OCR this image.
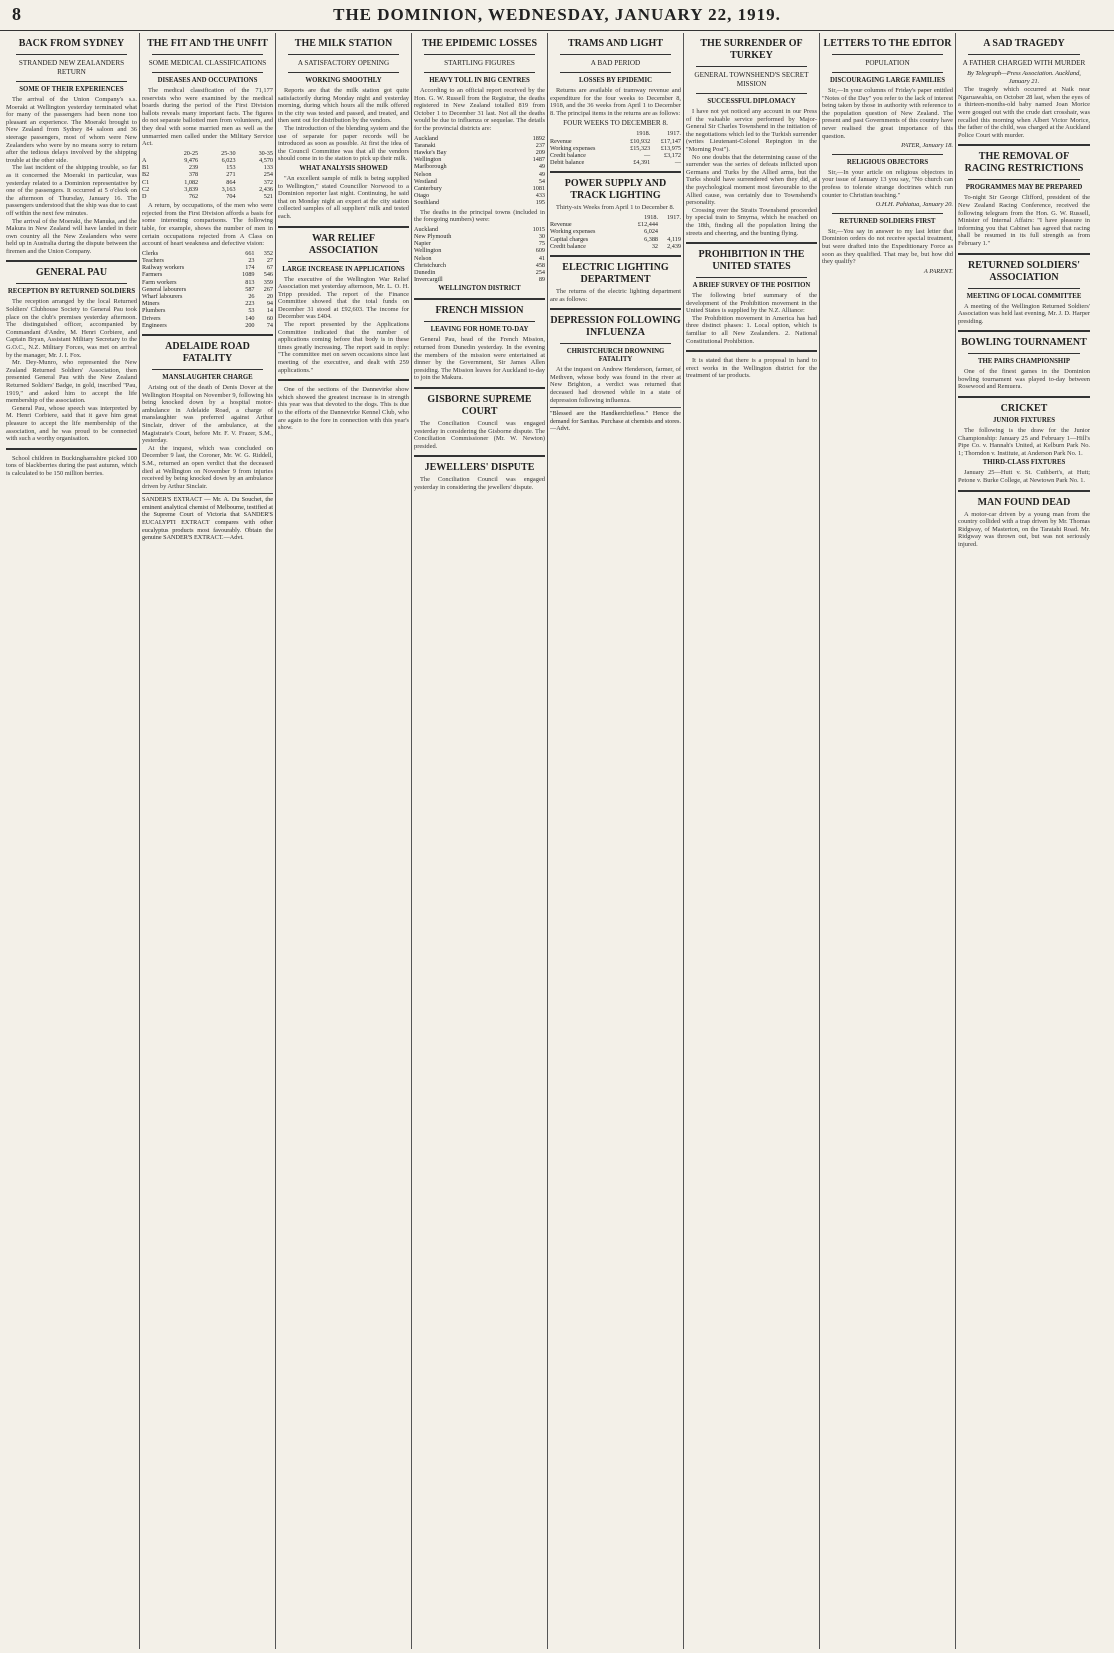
8	THE DOMINION, WEDNESDAY, JANUARY 22, 1919.
BACK FROM SYDNEY
STRANDED NEW ZEALANDERS RETURN
SOME OF THEIR EXPERIENCES

The arrival of the Union Company's s.s. Moeraki at Wellington yesterday terminated what for many of the passengers had been none too pleasant an experience. The Moeraki brought to New Zealand from Sydney 84 saloon and 36 steerage passengers, most of whom were New Zealanders who were by no means sorry to return after the tedious delays involved by the shipping trouble at the other side.

The last incident of the shipping trouble, so far as it concerned the Moeraki in particular, was yesterday related to a Dominion representative by one of the passengers. It occurred at 5 o'clock on the afternoon of Thursday, January 16. The passengers understood that the ship was due to cast off within the next few minutes.

The arrival of the Moeraki, the Manuka, and the Makura in New Zealand will have landed in their own country all the New Zealanders who were held up in Australia during the dispute between the firemen and the Union Company.

GENERAL PAU
RECEPTION BY RETURNED SOLDIERS

The reception arranged by the local Returned Soldiers' Clubhouse Society to General Pau took place on the club's premises yesterday afternoon. The distinguished officer, accompanied by Commandant d'Andre, M. Henri Corbiere, and Captain Bryan, Assistant Military Secretary to the G.O.C., N.Z. Military Forces, was met on arrival by the manager, Mr. J. I. Fox.

Mr. Dey-Munro, who represented the New Zealand Returned Soldiers' Association, then presented General Pau with the New Zealand Returned Soldiers' Badge, in gold, inscribed "Pau, 1919," and asked him to accept the life membership of the association.

General Pau, whose speech was interpreted by M. Henri Corbiere, said that it gave him great pleasure to accept the life membership of the association, and he was proud to be connected with such a worthy organisation.

School children in Buckinghamshire picked 100 tons of blackberries during the past autumn, which is calculated to be 150 million berries.

THE FIT AND THE UNFIT
SOME MEDICAL CLASSIFICATIONS
DISEASES AND OCCUPATIONS

The medical classification of the 71,177 reservists who were examined by the medical boards during the period of the First Division ballots reveals many important facts. The figures do not separate ballotted men from volunteers, and they deal with some married men as well as the unmarried men called under the Military Service Act.

	20-25	25-30	30-35
A	9,476	6,023	4,570
B1	239	153	133
B2	378	271	254
C1	1,082	864	372
C2	3,839	3,163	2,436
D	762	704	521

A return, by occupations, of the men who were rejected from the First Division affords a basis for some interesting comparisons. The following table, for example, shows the number of men in certain occupations rejected from A Class on account of heart weakness and defective vision:

Clerks	661	352
Teachers	23	27
Railway workers	174	67
Farmers	1089	546
Farm workers	813	359
General labourers	587	267
Wharf labourers	26	20
Miners	223	94
Plumbers	53	14
Drivers	140	60
Engineers	200	74
ADELAIDE ROAD FATALITY
MANSLAUGHTER CHARGE

Arising out of the death of Denis Dover at the Wellington Hospital on November 9, following his being knocked down by a hospital motor-ambulance in Adelaide Road, a charge of manslaughter was preferred against Arthur Sinclair, driver of the ambulance, at the Magistrate's Court, before Mr. F. V. Frazer, S.M., yesterday.

At the inquest, which was concluded on December 9 last, the Coroner, Mr. W. G. Riddell, S.M., returned an open verdict that the deceased died at Wellington on November 9 from injuries received by being knocked down by an ambulance driven by Arthur Sinclair.

SANDER'S EXTRACT — Mr. A. Du Souchet, the eminent analytical chemist of Melbourne, testified at the Supreme Court of Victoria that SANDER'S EUCALYPTI EXTRACT compares with other eucalyptus products most favourably. Obtain the genuine SANDER'S EXTRACT.—Advt.
THE MILK STATION
A SATISFACTORY OPENING
WORKING SMOOTHLY

Reports are that the milk station got quite satisfactorily during Monday night and yesterday morning, during which hours all the milk offered in the city was tested and passed, and treated, and then sent out for distribution by the vendors.

The introduction of the blending system and the use of separate for paper records will be introduced as soon as possible. At first the idea of the Council Committee was that all the vendors should come in to the station to pick up their milk.

WHAT ANALYSIS SHOWED

"An excellent sample of milk is being supplied to Wellington," stated Councillor Norwood to a Dominion reporter last night. Continuing, he said that on Monday night an expert at the city station collected samples of all suppliers' milk and tested each.

WAR RELIEF ASSOCIATION
LARGE INCREASE IN APPLICATIONS

The executive of the Wellington War Relief Association met yesterday afternoon, Mr. L. O. H. Tripp presided. The report of the Finance Committee showed that the total funds on December 31 stood at £92,603. The income for December was £404.

The report presented by the Applications Committee indicated that the number of applications coming before that body is in these times greatly increasing. The report said in reply: "The committee met on seven occasions since last meeting of the executive, and dealt with 259 applications."

One of the sections of the Dannevirke show which showed the greatest increase is in strength this year was that devoted to the dogs. This is due to the efforts of the Dannevirke Kennel Club, who are again to the fore in connection with this year's show.

THE EPIDEMIC LOSSES
STARTLING FIGURES
HEAVY TOLL IN BIG CENTRES

According to an official report received by the Hon. G. W. Russell from the Registrar, the deaths registered in New Zealand totalled 819 from October 1 to December 31 last. Not all the deaths would be due to influenza or sequelae. The details for the provincial districts are:

Auckland	1892
Taranaki	237
Hawke's Bay	209
Wellington	1487
Marlborough	49
Nelson	49
Westland	54
Canterbury	1081
Otago	433
Southland	195

The deaths in the principal towns (included in the foregoing numbers) were:

Auckland	1015
New Plymouth	30
Napier	75
Wellington	609
Nelson	41
Christchurch	458
Dunedin	254
Invercargill	89
WELLINGTON DISTRICT
FRENCH MISSION
LEAVING FOR HOME TO-DAY

General Pau, head of the French Mission, returned from Dunedin yesterday. In the evening the members of the mission were entertained at dinner by the Government, Sir James Allen presiding. The Mission leaves for Auckland to-day to join the Makura.

GISBORNE SUPREME COURT

The Conciliation Council was engaged yesterday in considering the Gisborne dispute. The Conciliation Commissioner (Mr. W. Newton) presided.

JEWELLERS' DISPUTE

The Conciliation Council was engaged yesterday in considering the jewellers' dispute.

TRAMS AND LIGHT
A BAD PERIOD
LOSSES BY EPIDEMIC

Returns are available of tramway revenue and expenditure for the four weeks to December 8, 1918, and the 36 weeks from April 1 to December 8. The principal items in the returns are as follows:

FOUR WEEKS TO DECEMBER 8.
	1918.	1917.
Revenue	£10,932	£17,147
Working expenses	£15,323	£13,975
Credit balance	—	£3,172
Debit balance	£4,391	—
POWER SUPPLY AND TRACK LIGHTING

Thirty-six Weeks from April 1 to December 8.

	1918.	1917.
Revenue	£12,444	
Working expenses	6,024	
Capital charges	6,388	4,119
Credit balance	32	2,439
ELECTRIC LIGHTING DEPARTMENT

The returns of the electric lighting department are as follows:

DEPRESSION FOLLOWING INFLUENZA
CHRISTCHURCH DROWNING FATALITY

At the inquest on Andrew Henderson, farmer, of Methven, whose body was found in the river at New Brighton, a verdict was returned that deceased had drowned while in a state of depression following influenza.

"Blessed are the Handkerchiefless." Hence the demand for Sanitas. Purchase at chemists and stores.—Advt.
THE SURRENDER OF TURKEY
GENERAL TOWNSHEND'S SECRET MISSION
SUCCESSFUL DIPLOMACY

I have not yet noticed any account in our Press of the valuable service performed by Major-General Sir Charles Townshend in the initiation of the negotiations which led to the Turkish surrender (writes Lieutenant-Colonel Repington in the "Morning Post").

No one doubts that the determining cause of the surrender was the series of defeats inflicted upon Germans and Turks by the Allied arms, but the Turks should have surrendered when they did, at the psychological moment most favourable to the Allied cause, was certainly due to Townshend's personality.

Crossing over the Straits Townshend proceeded by special train to Smyrna, which he reached on the 18th, finding all the population lining the streets and cheering, and the bunting flying.

PROHIBITION IN THE UNITED STATES
A BRIEF SURVEY OF THE POSITION

The following brief summary of the development of the Prohibition movement in the United States is supplied by the N.Z. Alliance:

The Prohibition movement in America has had three distinct phases: 1. Local option, which is familiar to all New Zealanders. 2. National Constitutional Prohibition.

It is stated that there is a proposal in hand to erect works in the Wellington district for the treatment of tar products.

LETTERS TO THE EDITOR
POPULATION
DISCOURAGING LARGE FAMILIES

Sir,—In your columns of Friday's paper entitled "Notes of the Day" you refer to the lack of interest being taken by those in authority with reference to the population question of New Zealand. The present and past Governments of this country have never realised the great importance of this question.

PATER, January 18.
RELIGIOUS OBJECTORS

Sir,—In your article on religious objectors in your issue of January 13 you say, "No church can profess to tolerate strange doctrines which run counter to Christian teaching."

O.H.H. Pahiatua, January 20.
RETURNED SOLDIERS FIRST

Sir,—You say in answer to my last letter that Dominion orders do not receive special treatment, but were drafted into the Expeditionary Force as soon as they qualified. That may be, but how did they qualify?

A PARENT.
A SAD TRAGEDY
A FATHER CHARGED WITH MURDER
By Telegraph—Press Association. Auckland, January 21.

The tragedy which occurred at Naik near Ngaruawahia, on October 28 last, when the eyes of a thirteen-months-old baby named Joan Morice were gouged out with the crude dart crosshair, was recalled this morning when Albert Victor Morice, the father of the child, was charged at the Auckland Police Court with murder.

THE REMOVAL OF RACING RESTRICTIONS
PROGRAMMES MAY BE PREPARED

To-night Sir George Clifford, president of the New Zealand Racing Conference, received the following telegram from the Hon. G. W. Russell, Minister of Internal Affairs: "I have pleasure in informing you that Cabinet has agreed that racing shall be resumed in its full strength as from February 1."

RETURNED SOLDIERS' ASSOCIATION
MEETING OF LOCAL COMMITTEE

A meeting of the Wellington Returned Soldiers' Association was held last evening, Mr. J. D. Harper presiding.

BOWLING TOURNAMENT
THE PAIRS CHAMPIONSHIP

One of the finest games in the Dominion bowling tournament was played to-day between Rosewood and Remuera.

CRICKET
JUNIOR FIXTURES

The following is the draw for the Junior Championship: January 25 and February 1—Hill's Pipe Co. v. Hannah's United, at Kelburn Park No. 1; Thorndon v. Institute, at Anderson Park No. 1.

THIRD-CLASS FIXTURES

January 25—Hutt v. St. Cuthbert's, at Hutt; Petone v. Burke College, at Newtown Park No. 1.

MAN FOUND DEAD

A motor-car driven by a young man from the country collided with a trap driven by Mr. Thomas Ridgway, of Masterton, on the Taratahi Road. Mr. Ridgway was thrown out, but was not seriously injured.
